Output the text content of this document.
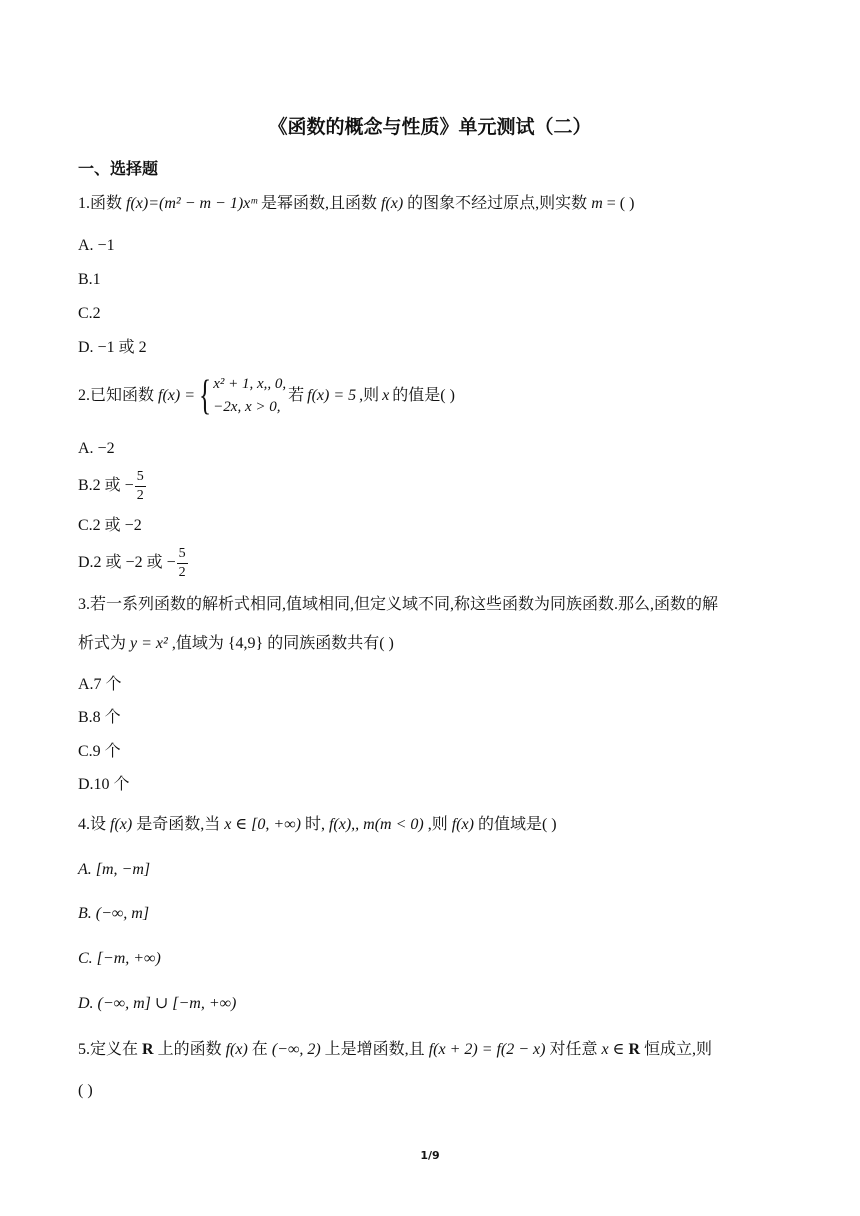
《函数的概念与性质》单元测试（二）
一、选择题
1.函数 f(x)=(m² − m − 1)xᵐ 是幂函数,且函数 f(x) 的图象不经过原点,则实数 m = ( )
A. −1
B.1
C.2
D. −1 或 2
2.已知函数 f(x) = { x² + 1, x,, 0,
−2x, x > 0,
若 f(x) = 5 ,则 x 的值是( )
A. −2
B.2 或 − $\frac{5}{2}$
C.2 或 −2
D.2 或 −2 或 − $\frac{5}{2}$
3.若一系列函数的解析式相同,值域相同,但定义域不同,称这些函数为同族函数.那么,函数的解
析式为 y = x² ,值域为 {4,9} 的同族函数共有( )
A.7 个
B.8 个
C.9 个
D.10 个
4.设 f(x) 是奇函数,当 x ∈ [0, +∞) 时, f(x),, m(m < 0) ,则 f(x) 的值域是( )
A. [m, −m]
B. (−∞, m]
C. [−m, +∞)
D. (−∞, m] ∪ [−m, +∞)
5.定义在 R 上的函数 f(x) 在 (−∞, 2) 上是增函数,且 f(x + 2) = f(2 − x) 对任意 x ∈ R 恒成立,则
( )
1/9
